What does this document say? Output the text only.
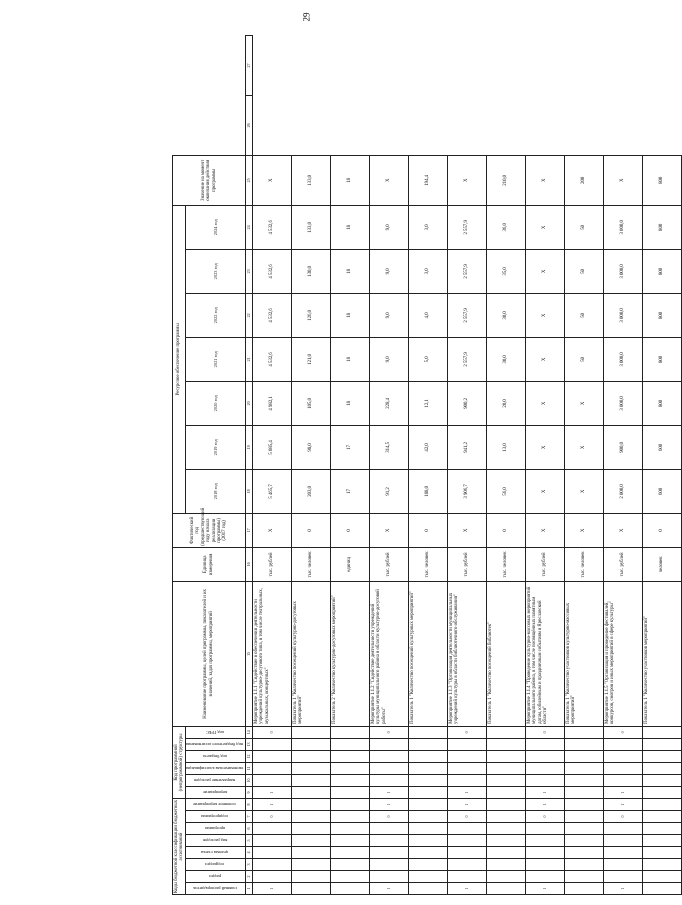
29
Коды бюджетной классификации бюджетных ассигнований								Код программной (непрограммной) структуры						Наименование программы, целей программы, показателей и их значений, задач программы, мероприятий	Единица измерения	Фактический год (предшествующий году начала реализации программы) (2017 год)	Ресурсное обеспечение программы							Значение на момент окончания действия программы		
главный распорядитель	раздел	подраздел	целевая статья	вид расходов	программа	подпрограмма	основное мероприятие	мероприятие	направление расходов	экономическая классификация	код бюджета	вид бюджетного ассигнования	код ГРБС				2018 год	2019 год	2020 год	2021 год	2022 год	2023 год	2024 год			
1	2	3	4	5	6	7	8	9	10	11	12	13	14	15	16	17	18	19	20	21	22	23	24	25	26	27
1						0	1	1					0	Мероприятие 1.1.1 "Содействие в обеспечении деятельности учреждений культурно-досугового типа, в том числе театральных, музыкальных, концертных"	тыс. рублей	Х	5 465,7	5 085,4	4 982,1	4 532,6	4 532,6	4 532,6	4 532,6	Х		
														Показатель 1 "Количество посещений культурно-досуговых мероприятий"	тыс. человек	0	203,0	98,0	105,0	121,0	126,0	130,0	133,0	133,0		
														Показатель 2 "Количество культурно-досуговых мероприятий"	единиц	0	17	17	18	18	18	18	18	18		
1						0	1	1					0	Мероприятие 1.1.2 "Содействие деятельности учреждений культуры муниципального района в области культурно-досуговой работы"	тыс. рублей	Х	91,2	314,5	228,4	9,0	9,0	9,0	9,0	Х		
														Показатель 1 "Количество посещений культурных мероприятий"	тыс. человек	0	188,0	42,0	12,1	5,0	4,0	3,0	3,0	194,4		
1						0	1	1					0	Мероприятие 1.1.3 "Организация деятельности муниципальных учреждений культуры в области библиотечного обслуживания"	тыс. рублей	Х	3 906,7	941,2	900,2	2 557,9	2 557,9	2 557,9	2 557,9	Х		
														Показатель 1 "Количество посещений библиотек"	тыс. человек	0	56,0	13,0	20,0	30,0	30,0	35,0	36,0	210,0		
1						0	1	1					0	Мероприятие 1.1.4 "Проведение культурно-массовых мероприятий муниципального района, в том числе посвящённых памятным датам, юбилейным и праздничным событиям в Ярославской области"	тыс. рублей	Х	Х	Х	Х	Х	Х	Х	Х	Х		
														Показатель 1 "Количество участников культурно-массовых мероприятий"	тыс. человек	Х	Х	Х	Х	50	50	50	50	200		
1						0	1	1					0	Мероприятие 1.1.5 "Организация и проведение фестивалей, конкурсов, смотров и иных мероприятий в сфере культуры"	тыс. рублей	Х	2 000,0	900,0	3 000,0	3 000,0	3 000,0	3 000,0	3 000,0	Х		
														Показатель 1 "Количество участников мероприятий"	человек	0	600	600	800	800	800	800	800	800		
